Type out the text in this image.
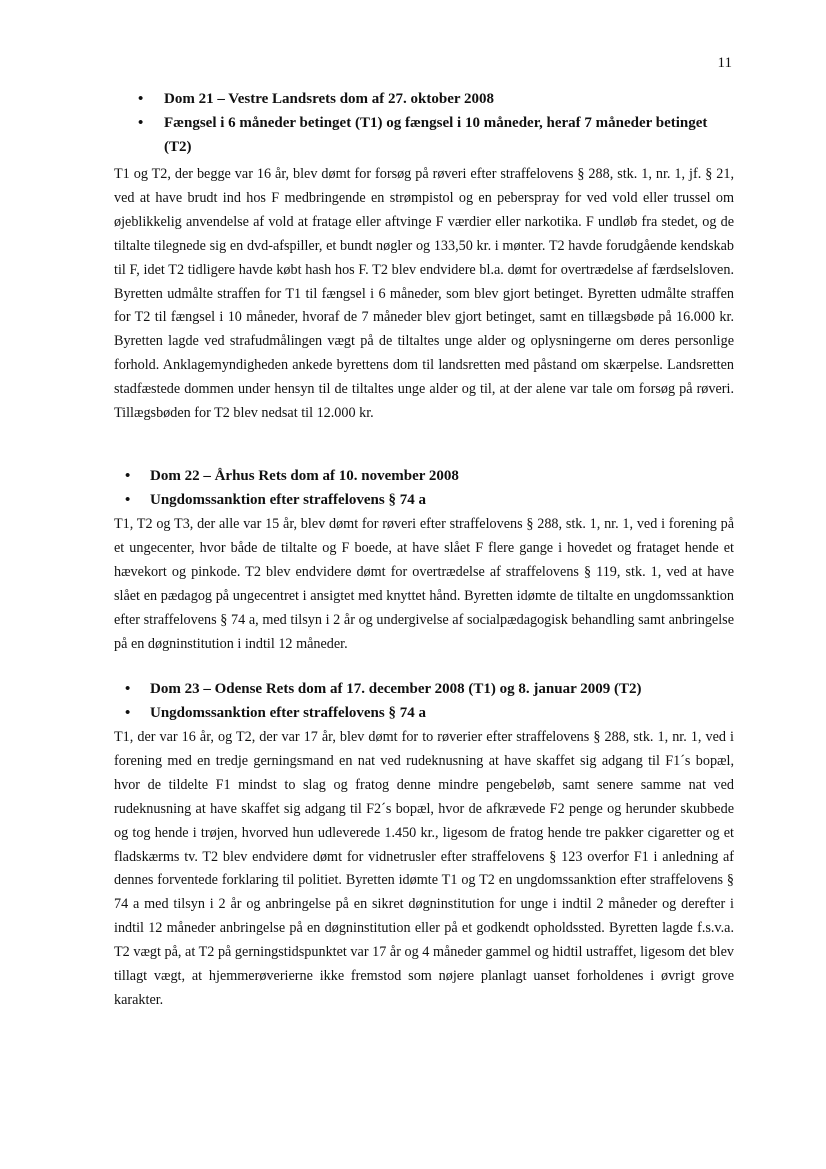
11
• Dom 21 – Vestre Landsrets dom af 27. oktober 2008
• Fængsel i 6 måneder betinget (T1) og fængsel i 10 måneder, heraf 7 måneder betinget (T2)

T1 og T2, der begge var 16 år, blev dømt for forsøg på røveri efter straffelovens § 288, stk. 1, nr. 1, jf. § 21, ved at have brudt ind hos F medbringende en strømpistol og en peberspray for ved vold eller trussel om øjeblikkelig anvendelse af vold at fratage eller aftvinge F værdier eller narkotika. F undløb fra stedet, og de tiltalte tilegnede sig en dvd-afspiller, et bundt nøgler og 133,50 kr. i mønter. T2 havde forudgående kendskab til F, idet T2 tidligere havde købt hash hos F. T2 blev endvidere bl.a. dømt for overtrædelse af færdselsloven. Byretten udmålte straffen for T1 til fængsel i 6 måneder, som blev gjort betinget. Byretten udmålte straffen for T2 til fængsel i 10 måneder, hvoraf de 7 måneder blev gjort betinget, samt en tillægsbøde på 16.000 kr. Byretten lagde ved strafudmålingen vægt på de tiltaltes unge alder og oplysningerne om deres personlige forhold. Anklagemyndigheden ankede byrettens dom til landsretten med påstand om skærpelse. Landsretten stadfæstede dommen under hensyn til de tiltaltes unge alder og til, at der alene var tale om forsøg på røveri. Tillægsbøden for T2 blev nedsat til 12.000 kr.

• Dom 22 – Århus Rets dom af 10. november 2008
• Ungdomssanktion efter straffelovens § 74 a

T1, T2 og T3, der alle var 15 år, blev dømt for røveri efter straffelovens § 288, stk. 1, nr. 1, ved i forening på et ungecenter, hvor både de tiltalte og F boede, at have slået F flere gange i hovedet og frataget hende et hævekort og pinkode. T2 blev endvidere dømt for overtrædelse af straffelovens § 119, stk. 1, ved at have slået en pædagog på ungecentret i ansigtet med knyttet hånd. Byretten idømte de tiltalte en ungdomssanktion efter straffelovens § 74 a, med tilsyn i 2 år og undergivelse af socialpædagogisk behandling samt anbringelse på en døgninstitution i indtil 12 måneder.

• Dom 23 – Odense Rets dom af 17. december 2008 (T1) og 8. januar 2009 (T2)
• Ungdomssanktion efter straffelovens § 74 a

T1, der var 16 år, og T2, der var 17 år, blev dømt for to røverier efter straffelovens § 288, stk. 1, nr. 1, ved i forening med en tredje gerningsmand en nat ved rudeknusning at have skaffet sig adgang til F1´s bopæl, hvor de tildelte F1 mindst to slag og fratog denne mindre pengebeløb, samt senere samme nat ved rudeknusning at have skaffet sig adgang til F2´s bopæl, hvor de afkrævede F2 penge og herunder skubbede og tog hende i trøjen, hvorved hun udleverede 1.450 kr., ligesom de fratog hende tre pakker cigaretter og et fladskærms tv. T2 blev endvidere dømt for vidnetrusler efter straffelovens § 123 overfor F1 i anledning af dennes forventede forklaring til politiet. Byretten idømte T1 og T2 en ungdomssanktion efter straffelovens § 74 a med tilsyn i 2 år og anbringelse på en sikret døgninstitution for unge i indtil 2 måneder og derefter i indtil 12 måneder anbringelse på en døgninstitution eller på et godkendt opholdssted. Byretten lagde f.s.v.a. T2 vægt på, at T2 på gerningstidspunktet var 17 år og 4 måneder gammel og hidtil ustraffet, ligesom det blev tillagt vægt, at hjemmerøverierne ikke fremstod som nøjere planlagt uanset forholdenes i øvrigt grove karakter.
